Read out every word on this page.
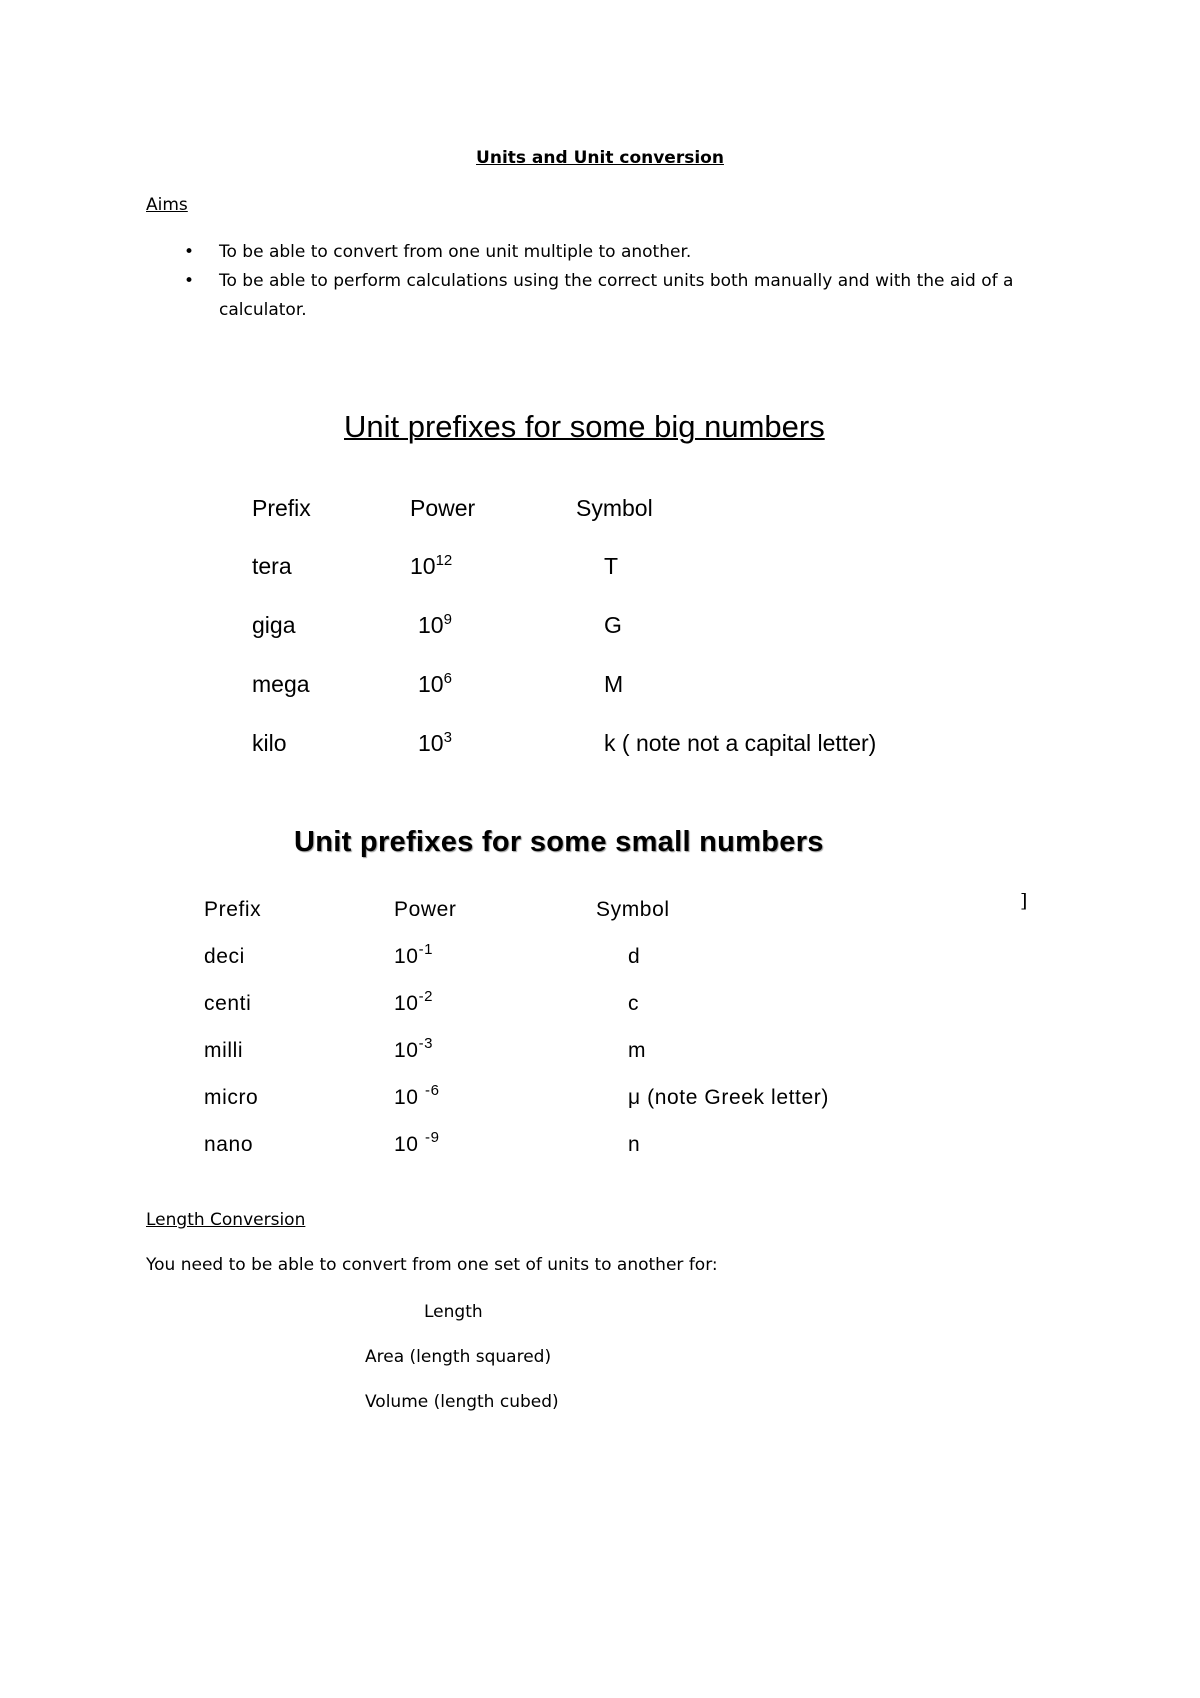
Units and Unit conversion
Aims
• To be able to convert from one unit multiple to another.
• To be able to perform calculations using the correct units both manually and with the aid of a calculator.
Unit prefixes for some big numbers
Prefix	Power	Symbol
tera	$10^{12}$	T
giga	$10^9$	G
mega	$10^6$	M
kilo	$10^3$	k ( note not a capital letter)
Unit prefixes for some small numbers
]
Prefix	Power	Symbol
deci	$10^{-1}$	d
centi	$10^{-2}$	c
milli	$10^{-3}$	m
micro	10 $^{-6}$	μ (note Greek letter)
nano	10 $^{-9}$	n
Length Conversion
You need to be able to convert from one set of units to another for:
Length
Area (length squared)
Volume (length cubed)
